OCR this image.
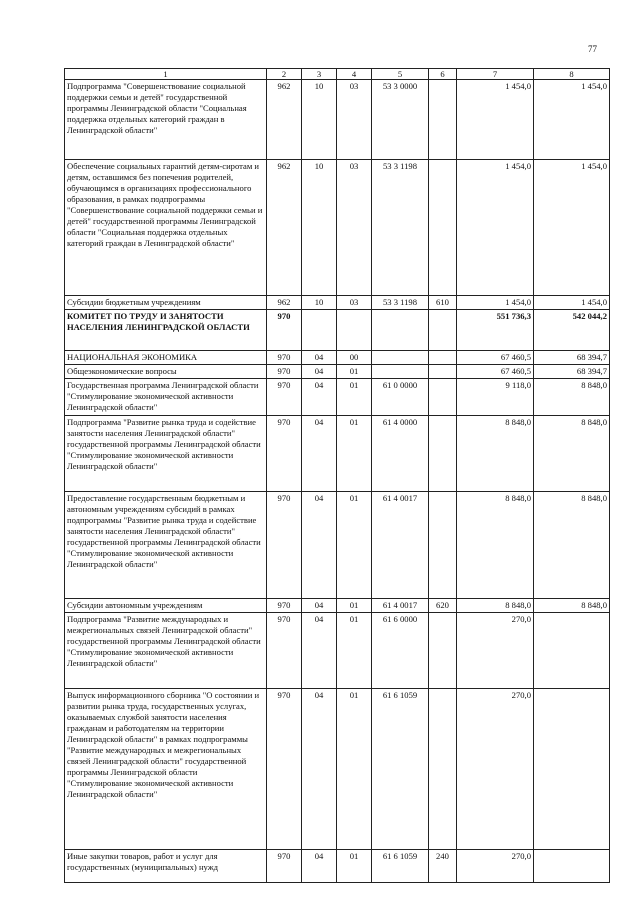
77
1	2	3	4	5	6	7	8
Подпрограмма "Совершенствование социальной поддержки семьи и детей" государственной программы Ленинградской области "Социальная поддержка отдельных категорий граждан в Ленинградской области"	962	10	03	53 3 0000		1 454,0	1 454,0
Обеспечение социальных гарантий детям-сиротам и детям, оставшимся без попечения родителей, обучающимся в организациях профессионального образования, в рамках подпрограммы "Совершенствование социальной поддержки семьи и детей" государственной программы Ленинградской области "Социальная поддержка отдельных категорий граждан в Ленинградской области"	962	10	03	53 3 1198		1 454,0	1 454,0
Субсидии бюджетным учреждениям	962	10	03	53 3 1198	610	1 454,0	1 454,0
КОМИТЕТ ПО ТРУДУ И ЗАНЯТОСТИ НАСЕЛЕНИЯ ЛЕНИНГРАДСКОЙ ОБЛАСТИ	970					551 736,3	542 044,2
НАЦИОНАЛЬНАЯ ЭКОНОМИКА	970	04	00			67 460,5	68 394,7
Общеэкономические вопросы	970	04	01			67 460,5	68 394,7
Государственная программа Ленинградской области "Стимулирование экономической активности Ленинградской области"	970	04	01	61 0 0000		9 118,0	8 848,0
Подпрограмма "Развитие рынка труда и содействие занятости населения Ленинградской области" государственной программы Ленинградской области "Стимулирование экономической активности Ленинградской области"	970	04	01	61 4 0000		8 848,0	8 848,0
Предоставление государственным бюджетным и автономным учреждениям субсидий в рамках подпрограммы "Развитие рынка труда и содействие занятости населения Ленинградской области" государственной программы Ленинградской области "Стимулирование экономической активности Ленинградской области"	970	04	01	61 4 0017		8 848,0	8 848,0
Субсидии автономным учреждениям	970	04	01	61 4 0017	620	8 848,0	8 848,0
Подпрограмма "Развитие международных и межрегиональных связей Ленинградской области" государственной программы Ленинградской области "Стимулирование экономической активности Ленинградской области"	970	04	01	61 6 0000		270,0	
Выпуск информационного сборника "О состоянии и развитии рынка труда, государственных услугах, оказываемых службой занятости населения гражданам и работодателям на территории Ленинградской области" в рамках подпрограммы "Развитие международных и межрегиональных связей Ленинградской области" государственной программы Ленинградской области "Стимулирование экономической активности Ленинградской области"	970	04	01	61 6 1059		270,0	
Иные закупки товаров, работ и услуг для государственных (муниципальных) нужд	970	04	01	61 6 1059	240	270,0	
